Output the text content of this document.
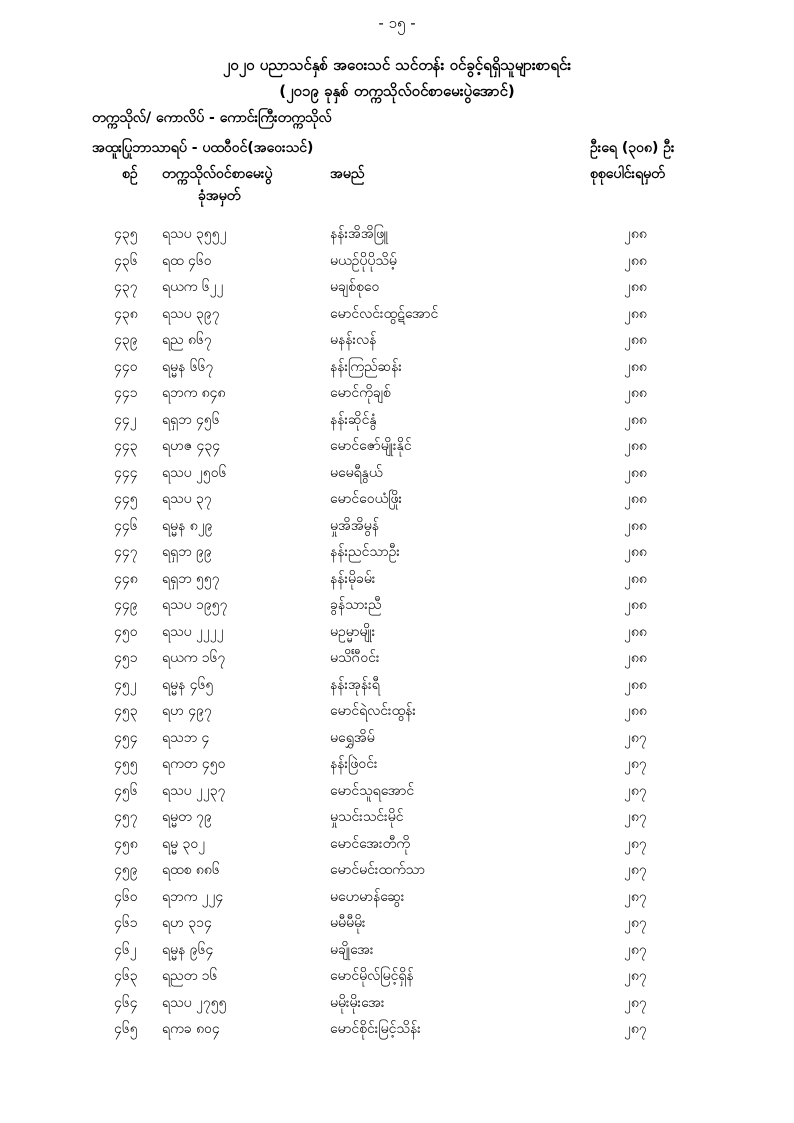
- ၁၅ -
၂၀၂၀ ပညာသင်နှစ် အဝေးသင် သင်တန်း ဝင်ခွင့်ရရှိသူများစာရင်း
(၂၀၁၉ ခုနှစ် တက္ကသိုလ်ဝင်စာမေးပွဲအောင်)
တက္ကသိုလ်/ ကောလိပ် - ကောင်းကြီးတက္ကသိုလ်
အထူးပြုဘာသာရပ် - ပထဝီဝင်(အဝေးသင်)	ဦးရေ (၃၀၈) ဦး
စဉ် တက္ကသိုလ်ဝင်စာမေးပွဲ
ခုံအမှတ်
အမည်	စုစုပေါင်းရမှတ်
၄၃၅ ရသပ ၃၅၅၂	နန်းအိအိဖြူ	၂၈၈
၄၃၆ ရထ ၄၆၀	မယဉ်ပိုပိုသိမ့်	၂၈၈
၄၃၇ ရယက ၆၂၂	မချစ်စုဝေ	၂၈၈
၄၃၈ ရသပ ၃၉၇	မောင်လင်းထွဋ်အောင်	၂၈၈
၄၃၉ ရည ၈၆၇	မနန်းလန်	၂၈၈
၄၄၀ ရမ္မန ၆၆၇	နန်းကြည်ဆန်း	၂၈၈
၄၄၁ ရဘက ၈၄၈	မောင်ကိုချစ်	၂၈၈
၄၄၂ ရရှဘ ၄၅၆	နန်းဆိုင်နွံ	၂၈၈
၄၄၃ ရဟဇ ၄၃၄	မောင်ဇော်မျိုးနိုင်	၂၈၈
၄၄၄ ရသပ ၂၅၀၆	မမေရီနွယ်	၂၈၈
၄၄၅ ရသပ ၃၇	မောင်ဝေယံဖြိုး	၂၈၈
၄၄၆ ရမ္မန ၈၂၉	မှုအိအိမွန်	၂၈၈
၄၄၇ ရရှဘ ၉၉	နန်းညင်သာဦး	၂၈၈
၄၄၈ ရရှဘ ၅၅၇	နန်းမိုခမ်း	၂၈၈
၄၄၉ ရသပ ၁၉၅၇	ခွန်သားညီ	၂၈၈
၄၅၀ ရသပ ၂၂၂၂	မဥမ္မာမျိုး	၂၈၈
၄၅၁ ရယက ၁၆၇	မသိင်္ဂီဝင်း	၂၈၈
၄၅၂ ရမ္မန ၄၆၅	နန်းအုန်းရီ	၂၈၈
၄၅၃ ရဟ ၄၉၇	မောင်ရဲလင်းထွန်း	၂၈၈
၄၅၄ ရသဘ ၄	မရွှေအိမ်	၂၈၇
၄၅၅ ရကတ ၄၅၀	နန်းဖြဲဝင်း	၂၈၇
၄၅၆ ရသပ ၂၂၃၇	မောင်သူရအောင်	၂၈၇
၄၅၇ ရမ္မတ ၇၉	မှုသင်းသင်းမိုင်	၂၈၇
၄၅၈ ရမ္မ ၃၀၂	မောင်အေးတီကို	၂၈၇
၄၅၉ ရထစ ၈၈၆	မောင်မင်းထက်သာ	၂၈၇
၄၆၀ ရဘက ၂၂၄	မဟေမာန်ဆွေး	၂၈၇
၄၆၁ ရဟ ၃၁၄	မမီမီမိုး	၂၈၇
၄၆၂ ရမ္မန ၉၆၄	မချိုအေး	၂၈၇
၄၆၃ ရညတ ၁၆	မောင်မိုလ်မြင့်ရှိန်	၂၈၇
၄၆၄ ရသပ ၂၇၅၅	မမိုးမိုးအေး	၂၈၇
၄၆၅ ရကခ ၈၀၄	မောင်စိုင်းမြင့်သိန်း	၂၈၇
